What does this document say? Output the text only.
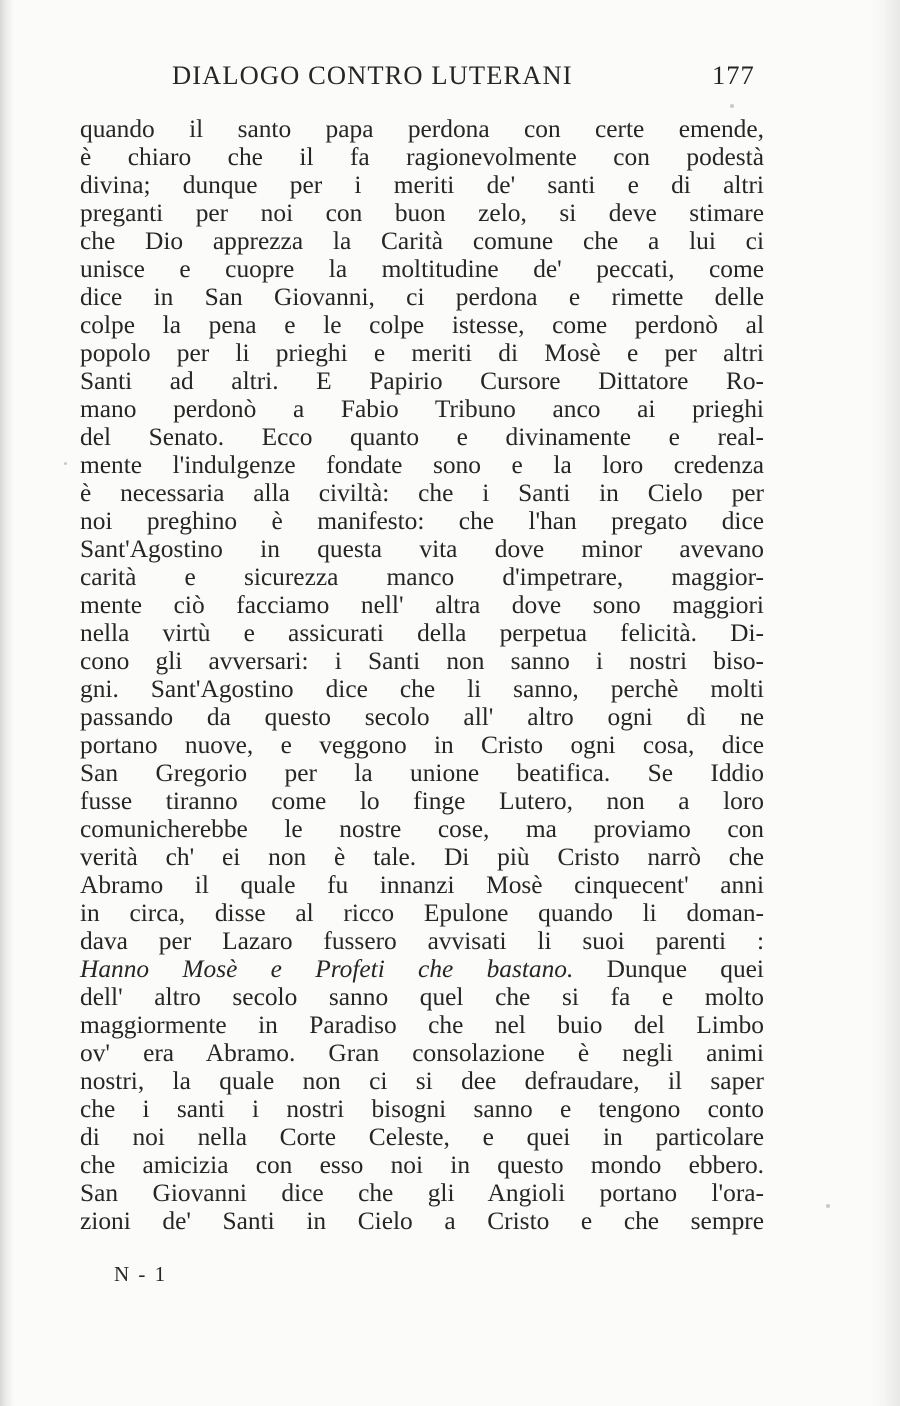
DIALOGO CONTRO LUTERANI	177
quando il santo papa perdona con certe emende,
è chiaro che il fa ragionevolmente con podestà
divina; dunque per i meriti de' santi e di altri
preganti per noi con buon zelo, si deve stimare
che Dio apprezza la Carità comune che a lui ci
unisce e cuopre la moltitudine de' peccati, come
dice in San Giovanni, ci perdona e rimette delle
colpe la pena e le colpe istesse, come perdonò al
popolo per li prieghi e meriti di Mosè e per altri
Santi ad altri. E Papirio Cursore Dittatore Ro-
mano perdonò a Fabio Tribuno anco ai prieghi
del Senato. Ecco quanto e divinamente e real-
mente l'indulgenze fondate sono e la loro credenza
è necessaria alla civiltà: che i Santi in Cielo per
noi preghino è manifesto: che l'han pregato dice
Sant'Agostino in questa vita dove minor avevano
carità e sicurezza manco d'impetrare, maggior-
mente ciò facciamo nell' altra dove sono maggiori
nella virtù e assicurati della perpetua felicità. Di-
cono gli avversari: i Santi non sanno i nostri biso-
gni. Sant'Agostino dice che li sanno, perchè molti
passando da questo secolo all' altro ogni dì ne
portano nuove, e veggono in Cristo ogni cosa, dice
San Gregorio per la unione beatifica. Se Iddio
fusse tiranno come lo finge Lutero, non a loro
comunicherebbe le nostre cose, ma proviamo con
verità ch' ei non è tale. Di più Cristo narrò che
Abramo il quale fu innanzi Mosè cinquecent' anni
in circa, disse al ricco Epulone quando li doman-
dava per Lazaro fussero avvisati li suoi parenti :
Hanno Mosè e Profeti che bastano. Dunque quei
dell' altro secolo sanno quel che si fa e molto
maggiormente in Paradiso che nel buio del Limbo
ov' era Abramo. Gran consolazione è negli animi
nostri, la quale non ci si dee defraudare, il saper
che i santi i nostri bisogni sanno e tengono conto
di noi nella Corte Celeste, e quei in particolare
che amicizia con esso noi in questo mondo ebbero.
San Giovanni dice che gli Angioli portano l'ora-
zioni de' Santi in Cielo a Cristo e che sempre
N - 1
